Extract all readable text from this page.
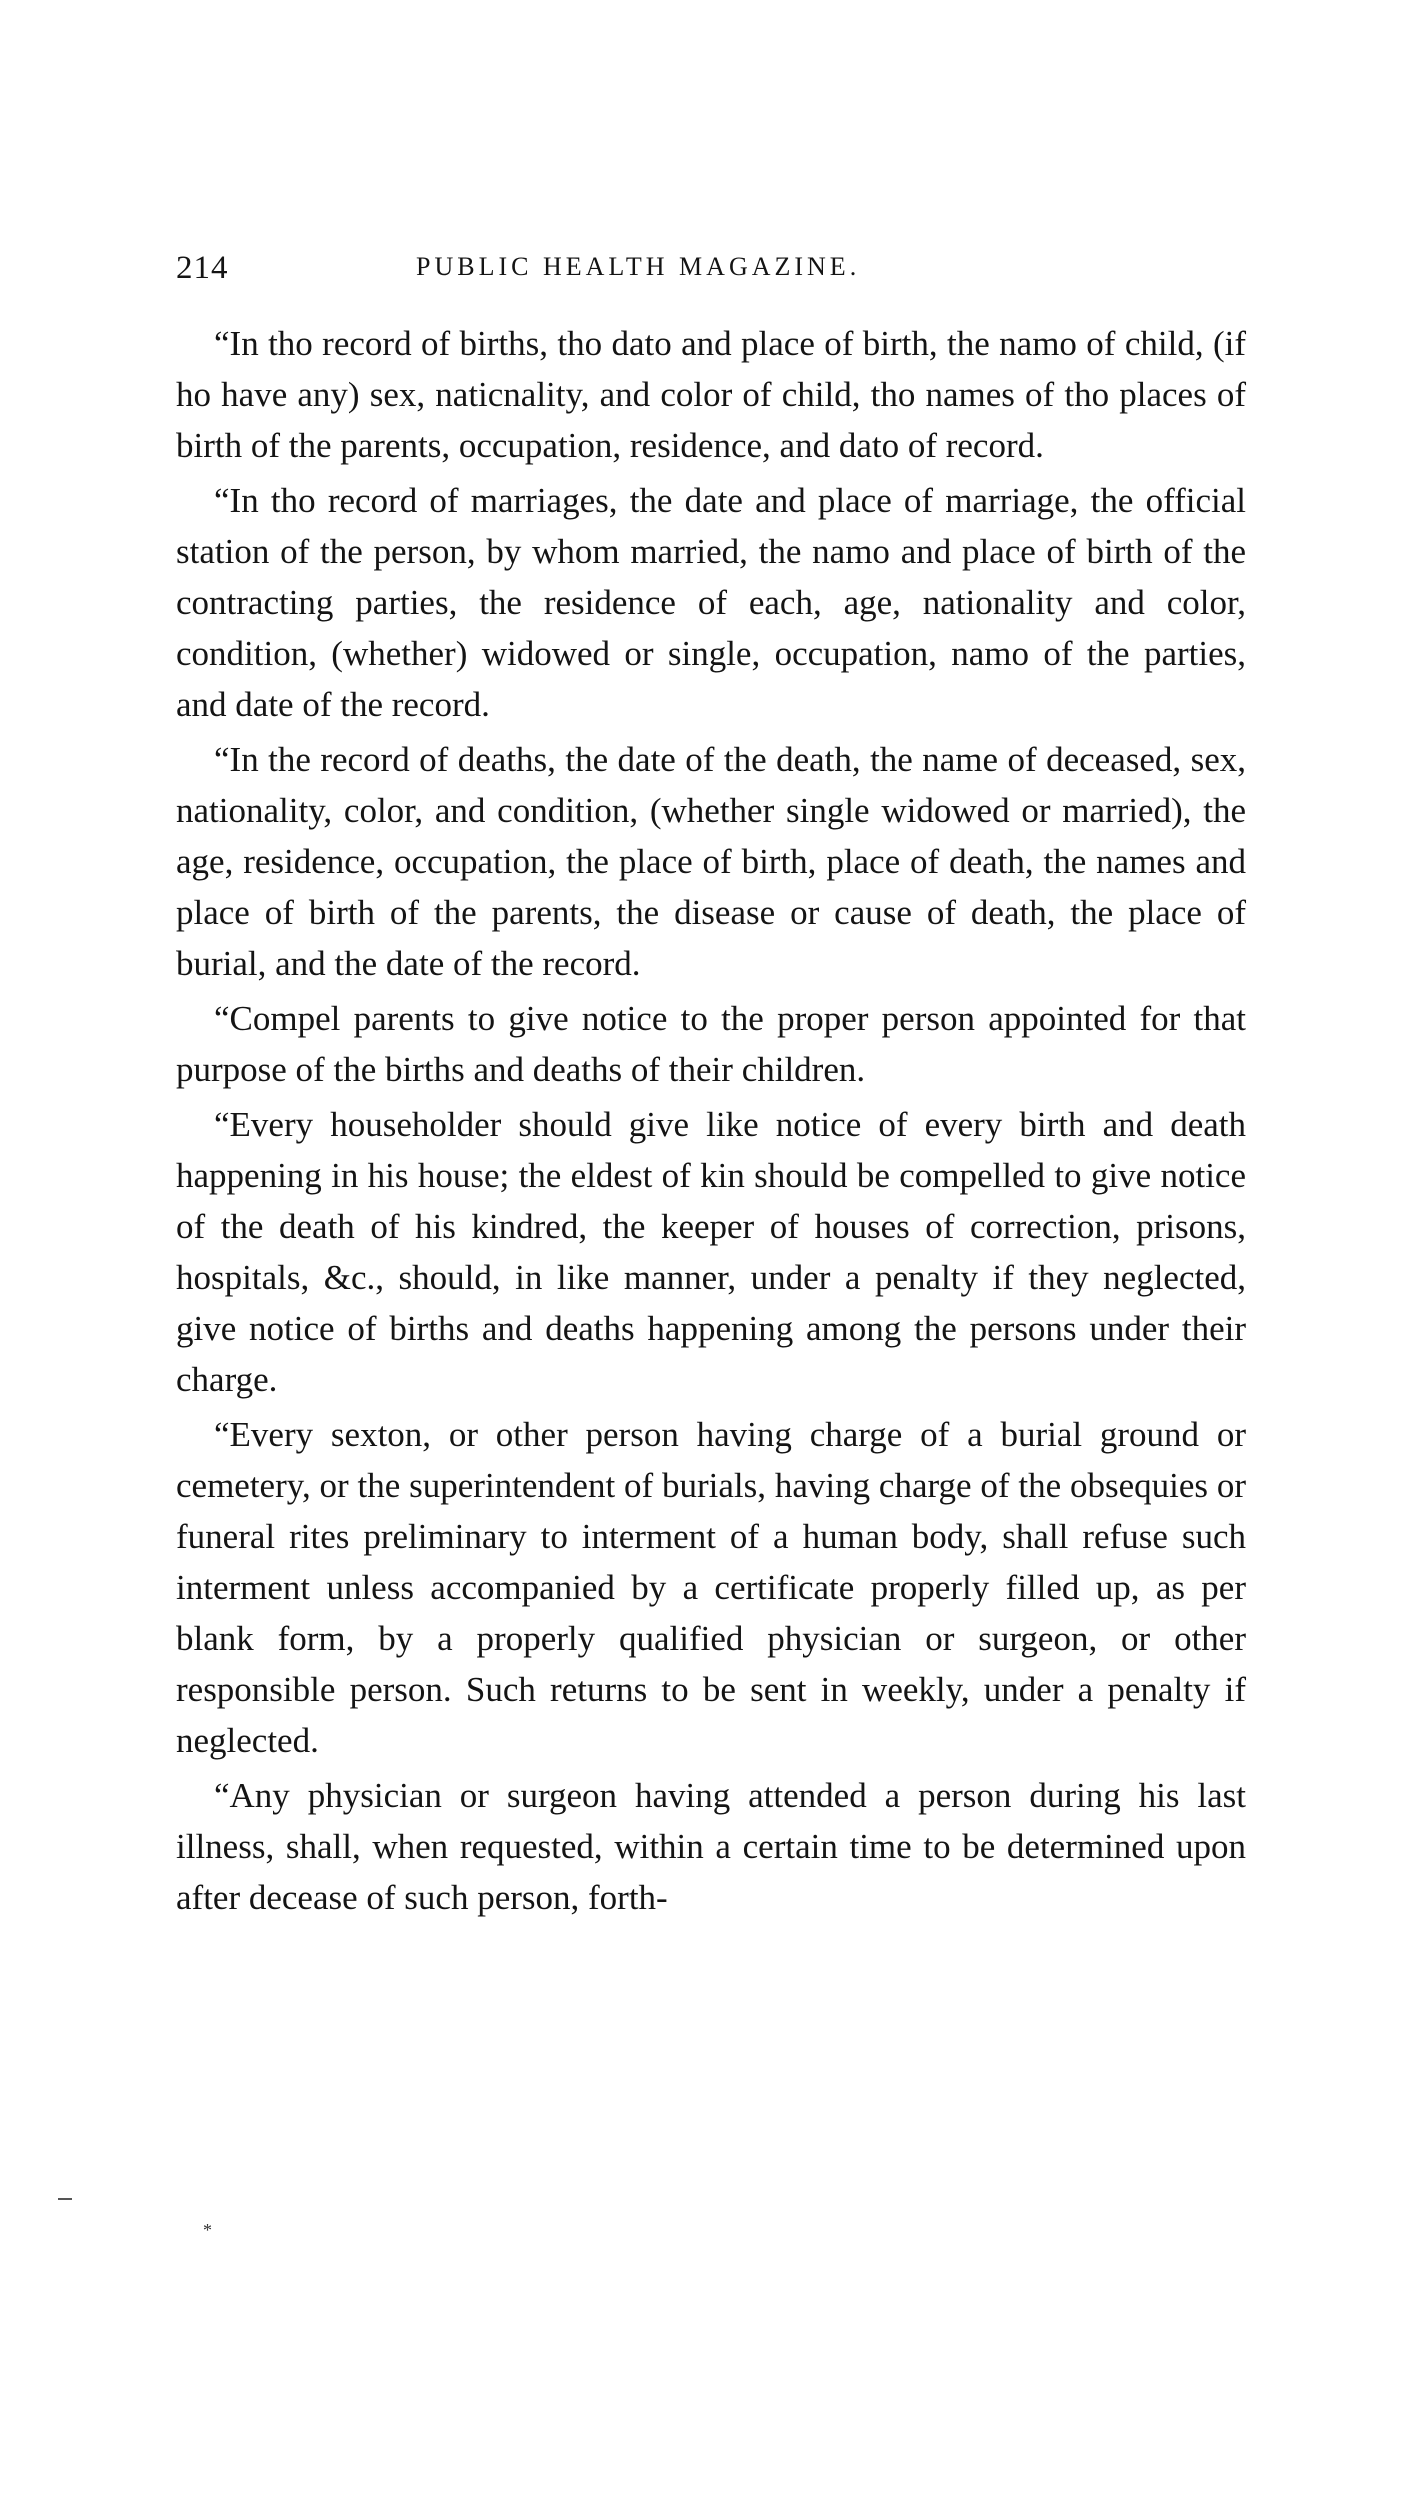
214	PUBLIC HEALTH MAGAZINE.

“In tho record of births, tho dato and place of birth, the namo of child, (if ho have any) sex, naticnality, and color of child, tho names of tho places of birth of the parents, occupation, residence, and dato of record.

“In tho record of marriages, the date and place of marriage, the official station of the person, by whom married, the namo and place of birth of the contracting parties, the residence of each, age, nationality and color, condition, (whether) widowed or single, occupation, namo of the parties, and date of the record.

“In the record of deaths, the date of the death, the name of deceased, sex, nationality, color, and condition, (whether single widowed or married), the age, residence, occupation, the place of birth, place of death, the names and place of birth of the parents, the disease or cause of death, the place of burial, and the date of the record.

“Compel parents to give notice to the proper person appointed for that purpose of the births and deaths of their children.

“Every householder should give like notice of every birth and death happening in his house; the eldest of kin should be compelled to give notice of the death of his kindred, the keeper of houses of correction, prisons, hospitals, &c., should, in like manner, under a penalty if they neglected, give notice of births and deaths happening among the persons under their charge.

“Every sexton, or other person having charge of a burial ground or cemetery, or the superintendent of burials, having charge of the obsequies or funeral rites preliminary to interment of a human body, shall refuse such interment unless accompanied by a certificate properly filled up, as per blank form, by a properly qualified physician or surgeon, or other responsible person. Such returns to be sent in weekly, under a penalty if neglected.

“Any physician or surgeon having attended a person during his last illness, shall, when requested, within a certain time to be determined upon after decease of such person, forth-

*
